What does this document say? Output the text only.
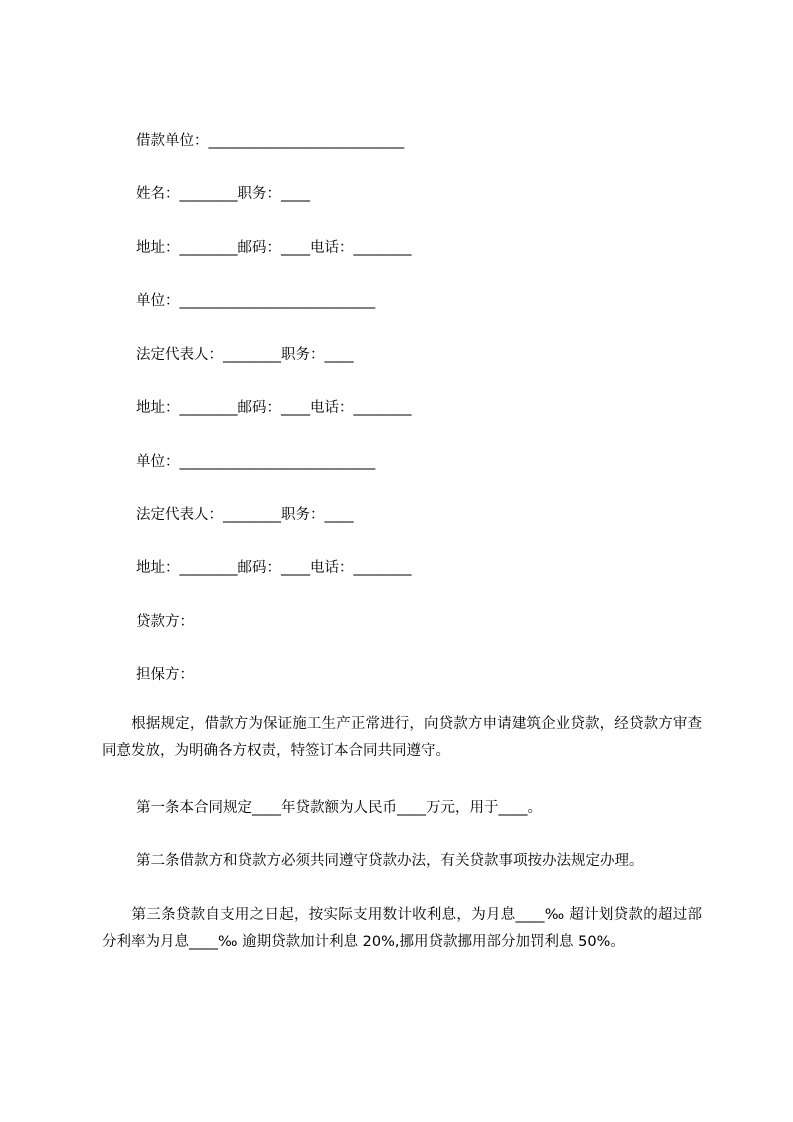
借款单位：___________________________
姓名：________职务：____
地址：________邮码：____电话：________
单位：___________________________
法定代表人：________职务：____
地址：________邮码：____电话：________
单位：___________________________
法定代表人：________职务：____
地址：________邮码：____电话：________
贷款方：
担保方：
　　根据规定，借款方为保证施工生产正常进行，向贷款方申请建筑企业贷款，经贷款方审查同意发放，为明确各方权责，特签订本合同共同遵守。
第一条本合同规定____年贷款额为人民币____万元，用于____。
第二条借款方和贷款方必须共同遵守贷款办法，有关贷款事项按办法规定办理。
　　第三条贷款自支用之日起，按实际支用数计收利息，为月息____‰ 超计划贷款的超过部分利率为月息____‰ 逾期贷款加计利息 20%,挪用贷款挪用部分加罚利息 50%。
